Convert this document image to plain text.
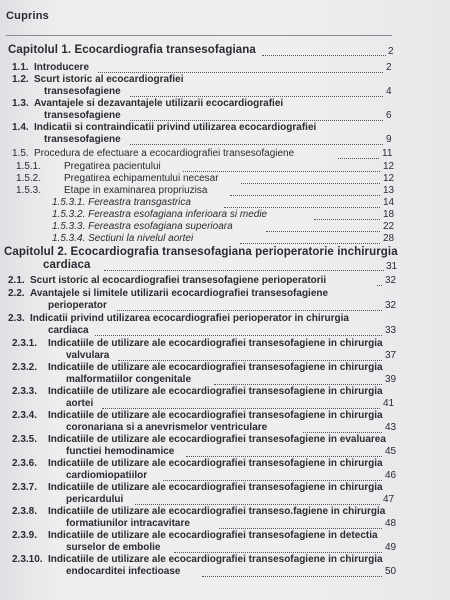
Cuprins
Capitolul 1. Ecocardiografia transesofagiana	2
1.1. Introducere	2
1.2. Scurt istoric al ecocardiografiei
transesofagiene	4
1.3. Avantajele si dezavantajele utilizarii ecocardiografiei
transesofagiene	6
1.4. Indicatii si contraindicatii privind utilizarea ecocardiografiei
transesofagiene	9
1.5. Procedura de efectuare a ecocardiografiei transesofagiene	11
1.5.1. Pregatirea pacientului	12
1.5.2. Pregatirea echipamentului necesar	12
1.5.3. Etape in examinarea propriuzisa	13
1.5.3.1. Fereastra transgastrica	14
1.5.3.2. Fereastra esofagiana inferioara si medie	18
1.5.3.3. Fereastra esofagiana superioara	22
1.5.3.4. Sectiuni la nivelul aortei	28
Capitolul 2. Ecocardiografia transesofagiana perioperatorie inchirurgia
cardiaca	31
2.1. Scurt istoric al ecocardiografiei transesofagiene perioperatorii	32
2.2. Avantajele si limitele utilizarii ecocardiografiei transesofagiene
perioperator	32
2.3. Indicatii privind utilizarea ecocardiografiei perioperator in chirurgia
cardiaca	33
2.3.1. Indicatiile de utilizare ale ecocardiografiei transesofagiene in chirurgia
valvulara	37
2.3.2. Indicatiile de utilizare ale ecocardiografiei transesofagiene in chirurgia
malformatiilor congenitale	39
2.3.3. Indicatiile de utilizare ale ecocardiografiei transesofagiene in chirurgia
aortei	41
2.3.4. Indicatiile de utilizare ale ecocardiografiei transesofagiene in chirurgia
coronariana si a anevrismelor ventriculare	43
2.3.5. Indicatiile de utilizare ale ecocardiografiei transesofagiene in evaluarea
functiei hemodinamice	45
2.3.6. Indicatiile de utilizare ale ecocardiografiei transesofagiene in chirurgia
cardiomiopatiilor	46
2.3.7. Indicatiile de utilizare ale ecocardiografiei transesofagiene in chirurgia
pericardului	47
2.3.8. Indicatiile de utilizare ale ecocardiografiei transeso.fagiene in chirurgia
formatiunilor intracavitare	48
2.3.9. Indicatiile de utilizare ale ecocardiografiei transesofagiene in detectia
surselor de embolie	49
2.3.10. Indicatiile de utilizare ale ecocardiografiei transesofagiene in chirurgia
endocarditei infectioase	50
